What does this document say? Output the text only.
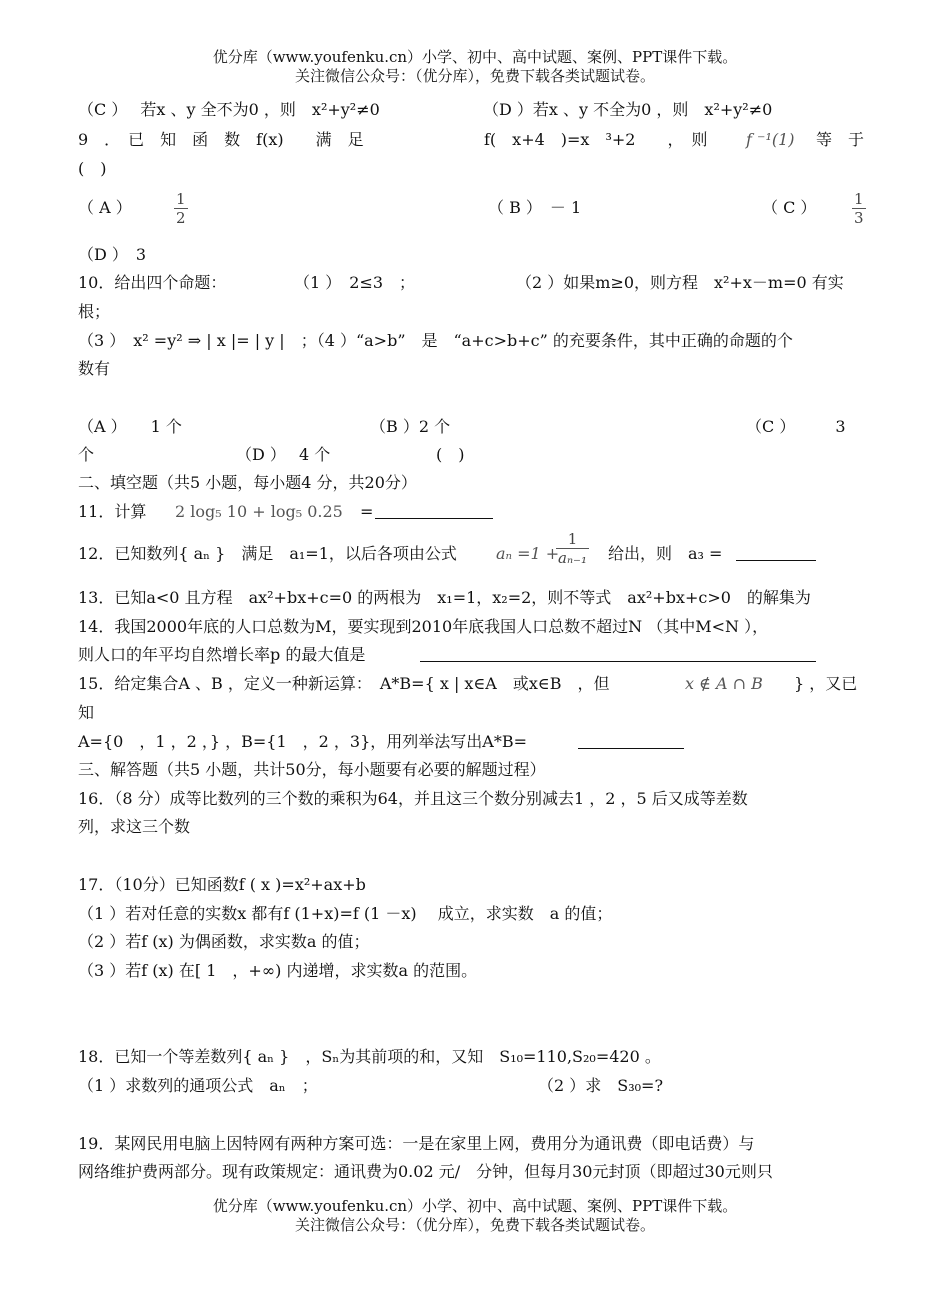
优分库（www.youfenku.cn）小学、初中、高中试题、案例、PPT课件下载。
关注微信公众号：（优分库），免费下载各类试题试卷。
（C ）　 若x 、y 全不为0 ，则　x²+y²≠0	（D ）若x 、y 不全为0 ，则　x²+y²≠0
9　．　已　知　函　数　f(x)　　满　足	f(　x+4　)=x　³+2　　，　则 f ⁻¹(1) 等　于
(　)
（ A ）	$\frac{1}{2}$	（ B ）　－ 1	（ C ） $\frac{1}{3}$
（D ）　3
10．给出四个命题：	（1 ）　2≤3　；	（2 ）如果m≥0，则方程　x²+x－m=0 有实
根；
（3 ）　x² =y² ⇒ | x |= | y |　；（4 ）“a>b”　是　“a+c>b+c” 的充要条件，其中正确的命题的个
数有
（A ）　　1 个	（B ）2 个	（C ）　　　3
个	（D ）　 4 个	(　)
二、填空题（共5 小题，每小题4 分，共20分）
11．计算 2 log₅ 10 + log₅ 0.25 =
12．已知数列{ aₙ }　满足　a₁=1，以后各项由公式 aₙ =1 +
$\frac{1}{\text{aₙ₋₁}}$ 给出，则　a₃ =
13．已知a<0 且方程　ax²+bx+c=0 的两根为　x₁=1，x₂=2，则不等式　ax²+bx+c>0　的解集为
14．我国2000年底的人口总数为M，要实现到2010年底我国人口总数不超过N （其中M<N ），
则人口的年平均自然增长率p 的最大值是
15．给定集合A 、B ，定义一种新运算：　A*B={ x | x∈A　或x∈B　，但	x ∉ A ∩ B } ，又已
知
A={0　，1 ，2 ，} ，B={1　，2 ，3}，用列举法写出A*B=
三、解答题（共5 小题，共计50分，每小题要有必要的解题过程）
16．（8 分）成等比数列的三个数的乘积为64，并且这三个数分别减去1 ，2 ，5 后又成等差数
列，求这三个数
17．（10分）已知函数f ( x )=x²+ax+b
（1 ）若对任意的实数x 都有f (1+x)=f (1 －x)　 成立，求实数　a 的值；
（2 ）若f (x) 为偶函数，求实数a 的值；
（3 ）若f (x) 在[ 1　，+∞) 内递增，求实数a 的范围。
18．已知一个等差数列{ aₙ }　，Sₙ为其前项的和，又知　S₁₀=110,S₂₀=420 。
（1 ）求数列的通项公式　aₙ　；	（2 ）求　S₃₀=?
19．某网民用电脑上因特网有两种方案可选：一是在家里上网，费用分为通讯费（即电话费）与
网络维护费两部分。现有政策规定：通讯费为0.02 元/　分钟，但每月30元封顶（即超过30元则只
优分库（www.youfenku.cn）小学、初中、高中试题、案例、PPT课件下载。
关注微信公众号：（优分库），免费下载各类试题试卷。
